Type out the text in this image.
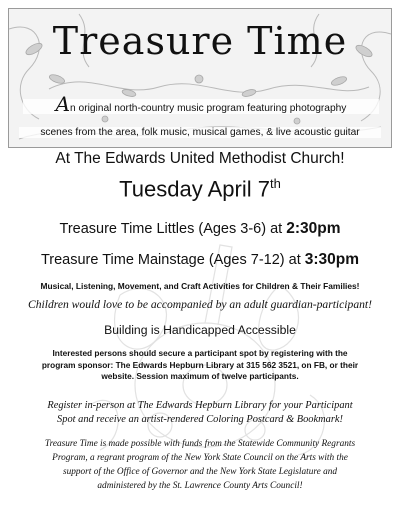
Treasure Time
An original north-country music program featuring photography
scenes from the area, folk music, musical games, & live acoustic guitar
At The Edwards United Methodist Church!
Tuesday April 7th
Treasure Time Littles (Ages 3-6) at 2:30pm
Treasure Time Mainstage (Ages 7-12) at 3:30pm
Musical, Listening, Movement, and Craft Activities for Children & Their Families!
Children would love to be accompanied by an adult guardian-participant!
Building is Handicapped Accessible
Interested persons should secure a participant spot by registering with the
program sponsor: The Edwards Hepburn Library at 315 562 3521, on FB, or their
website. Session maximum of twelve participants.
Register in-person at The Edwards Hepburn Library for your Participant
Spot and receive an artist-rendered Coloring Postcard & Bookmark!
Treasure Time is made possible with funds from the Statewide Community Regrants
Program, a regrant program of the New York State Council on the Arts with the
support of the Office of Governor and the New York State Legislature and
administered by the St. Lawrence County Arts Council!
